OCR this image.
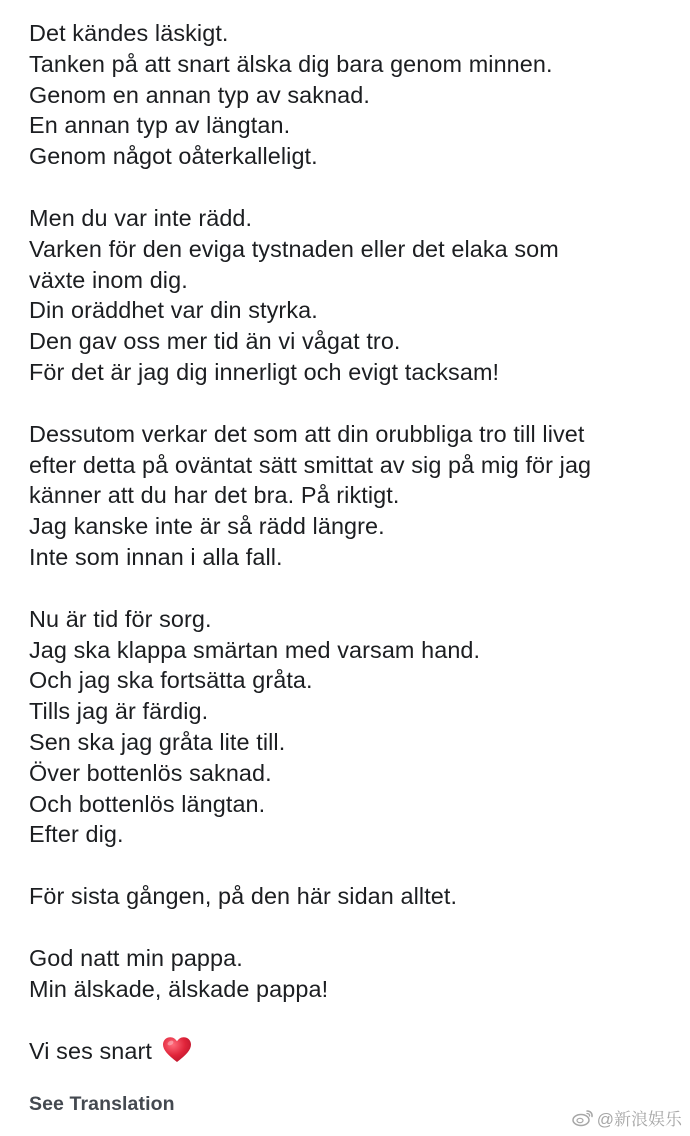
Det kändes läskigt.
Tanken på att snart älska dig bara genom minnen.
Genom en annan typ av saknad.
En annan typ av längtan.
Genom något oåterkalleligt.
Men du var inte rädd.
Varken för den eviga tystnaden eller det elaka som
växte inom dig.
Din oräddhet var din styrka.
Den gav oss mer tid än vi vågat tro.
För det är jag dig innerligt och evigt tacksam!
Dessutom verkar det som att din orubbliga tro till livet
efter detta på oväntat sätt smittat av sig på mig för jag
känner att du har det bra. På riktigt.
Jag kanske inte är så rädd längre.
Inte som innan i alla fall.
Nu är tid för sorg.
Jag ska klappa smärtan med varsam hand.
Och jag ska fortsätta gråta.
Tills jag är färdig.
Sen ska jag gråta lite till.
Över bottenlös saknad.
Och bottenlös längtan.
Efter dig.
För sista gången, på den här sidan alltet.
God natt min pappa.
Min älskade, älskade pappa!
Vi ses snart
See Translation
@新浪娱乐
